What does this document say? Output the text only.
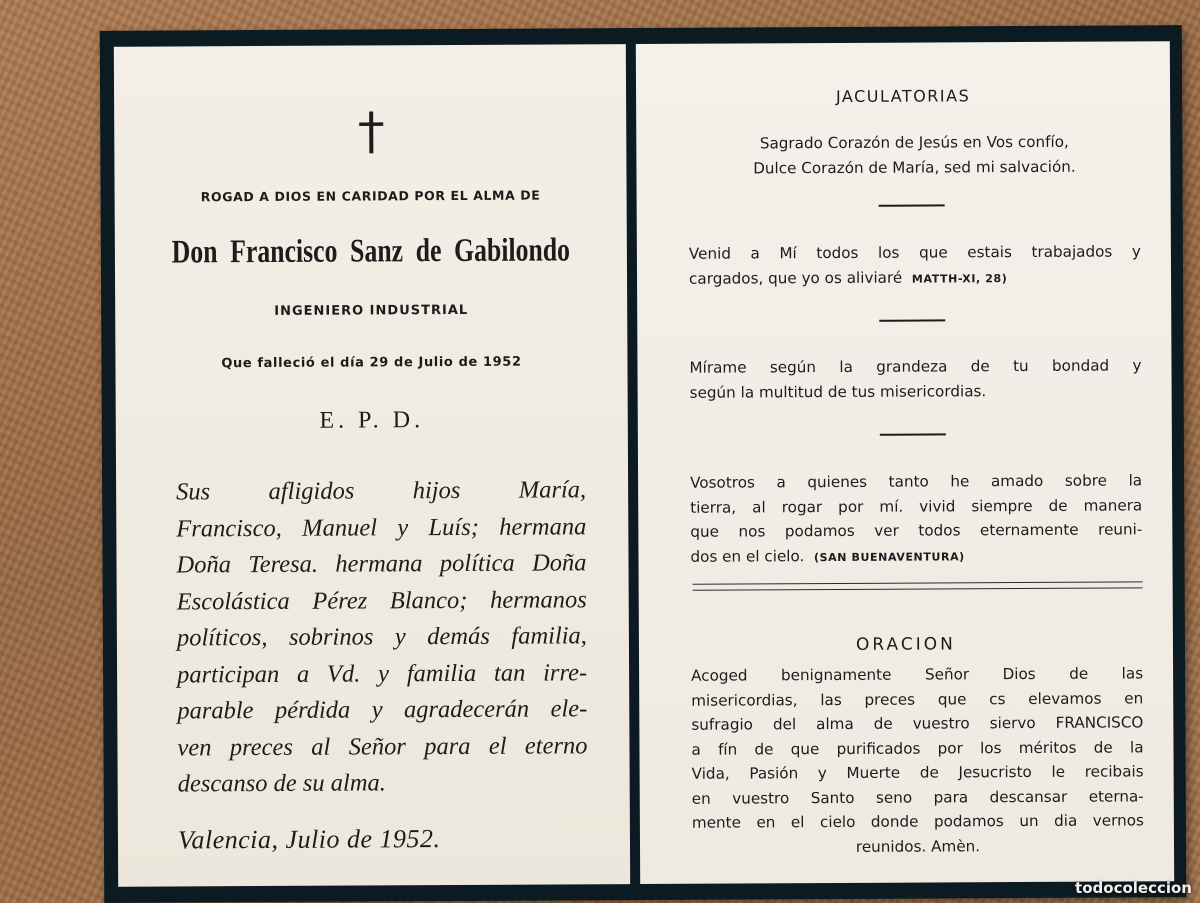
ROGAD A DIOS EN CARIDAD POR EL ALMA DE
Don Francisco Sanz de Gabilondo
INGENIERO INDUSTRIAL
Que falleció el día 29 de Julio de 1952
E. P. D.
Sus afligidos hijos María,
Francisco, Manuel y Luís; hermana
Doña Teresa. hermana política Doña
Escolástica Pérez Blanco; hermanos
políticos, sobrinos y demás familia,
participan a Vd. y familia tan irre-
parable pérdida y agradecerán ele-
ven preces al Señor para el eterno
descanso de su alma.
Valencia, Julio de 1952.
JACULATORIAS
Sagrado Corazón de Jesús en Vos confío,
Dulce Corazón de María, sed mi salvación.
Venid a Mí todos los que estais trabajados y
cargados, que yo os aliviaré MATTH-XI, 28)
Mírame según la grandeza de tu bondad y
según la multitud de tus misericordias.
Vosotros a quienes tanto he amado sobre la
tierra, al rogar por mí. vivid siempre de manera
que nos podamos ver todos eternamente reuni-
dos en el cielo. (SAN BUENAVENTURA)
ORACION
Acoged benignamente Señor Dios de las
misericordias, las preces que cs elevamos en
sufragio del alma de vuestro siervo FRANCISCO
a fín de que purificados por los méritos de la
Vida, Pasión y Muerte de Jesucristo le recibais
en vuestro Santo seno para descansar eterna-
mente en el cielo donde podamos un dia vernos
reunidos. Amèn.
todocoleccion
